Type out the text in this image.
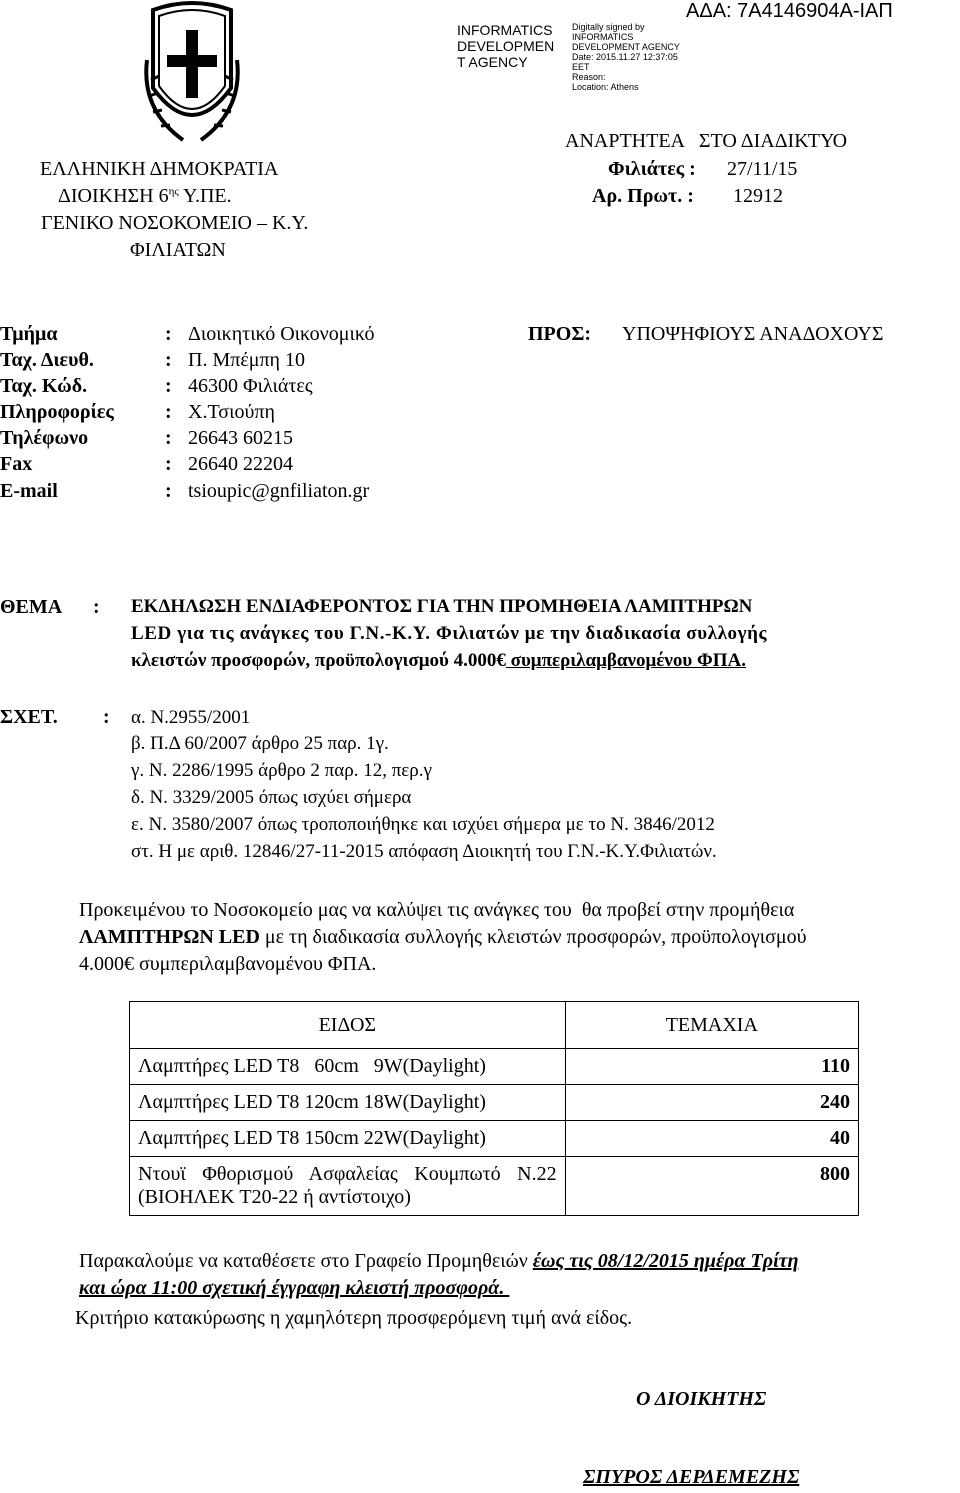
ΑΔΑ: 7Α4146904Α-ΙΑΠ
INFORMATICS
DEVELOPMEN
T AGENCY
Digitally signed by
INFORMATICS
DEVELOPMENT AGENCY
Date: 2015.11.27 12:37:05
EET
Reason:
Location: Athens
ΕΛΛΗΝΙΚΗ ΔΗΜΟΚΡΑΤΙΑ
ΔΙΟΙΚΗΣΗ $6^{\eta\varsigma}$ Υ.ΠΕ.
ΓΕΝΙΚΟ ΝΟΣΟΚΟΜΕΙΟ – Κ.Υ.
ΦΙΛΙΑΤΩΝ
ΑΝΑΡΤΗΤΕΑ   ΣΤΟ ΔΙΑΔΙΚΤΥΟ
Φιλιάτες : 27/11/15
Αρ. Πρωτ. : 12912
Τμήμα	: Διοικητικό Οικονομικό
Ταχ. Διευθ.	: Π. Μπέμπη 10
Ταχ. Κώδ.	: 46300 Φιλιάτες
Πληροφορίες	: Χ.Τσιούπη
Τηλέφωνο	: 26643 60215
Fax	: 26640 22204
E-mail	: tsioupic@gnfiliaton.gr
ΠΡΟΣ: ΥΠΟΨΗΦΙΟΥΣ ΑΝΑΔΟΧΟΥΣ
ΘΕΜΑ : ΕΚΔΗΛΩΣΗ ΕΝΔΙΑΦΕΡΟΝΤΟΣ ΓΙΑ ΤΗΝ ΠΡΟΜΗΘΕΙΑ ΛΑΜΠΤΗΡΩΝ
LED για τις ανάγκες του Γ.Ν.-Κ.Υ. Φιλιατών με την διαδικασία συλλογής
κλειστών προσφορών, προϋπολογισμού 4.000€ συμπεριλαμβανομένου ΦΠΑ.
ΣΧΕΤ. : α. Ν.2955/2001
β. Π.Δ 60/2007 άρθρο 25 παρ. 1γ.
γ. Ν. 2286/1995 άρθρο 2 παρ. 12, περ.γ
δ. Ν. 3329/2005 όπως ισχύει σήμερα
ε. Ν. 3580/2007 όπως τροποποιήθηκε και ισχύει σήμερα με το Ν. 3846/2012
στ. Η με αριθ. 12846/27-11-2015 απόφαση Διοικητή του Γ.Ν.-Κ.Υ.Φιλιατών.
Προκειμένου το Νοσοκομείο μας να καλύψει τις ανάγκες του  θα προβεί στην προμήθεια
ΛΑΜΠΤΗΡΩΝ LED με τη διαδικασία συλλογής κλειστών προσφορών, προϋπολογισμού
4.000€ συμπεριλαμβανομένου ΦΠΑ.
ΕΙΔΟΣ	ΤΕΜΑΧΙΑ
Λαμπτήρες LED T8   60cm   9W(Daylight)	110
Λαμπτήρες LED T8 120cm 18W(Daylight)	240
Λαμπτήρες LED T8 150cm 22W(Daylight)	40
Ντουϊ Φθορισμού Ασφαλείας Κουμπωτό Ν.22 (ΒΙΟΗΛΕΚ Τ20-22 ή αντίστοιχο)	800
Παρακαλούμε να καταθέσετε στο Γραφείο Προμηθειών έως τις 08/12/2015 ημέρα Τρίτη
και ώρα 11:00 σχετική έγγραφη κλειστή προσφορά.
Κριτήριο κατακύρωσης η χαμηλότερη προσφερόμενη τιμή ανά είδος.
Ο ΔΙΟΙΚΗΤΗΣ
ΣΠΥΡΟΣ ΔΕΡΔΕΜΕΖΗΣ
